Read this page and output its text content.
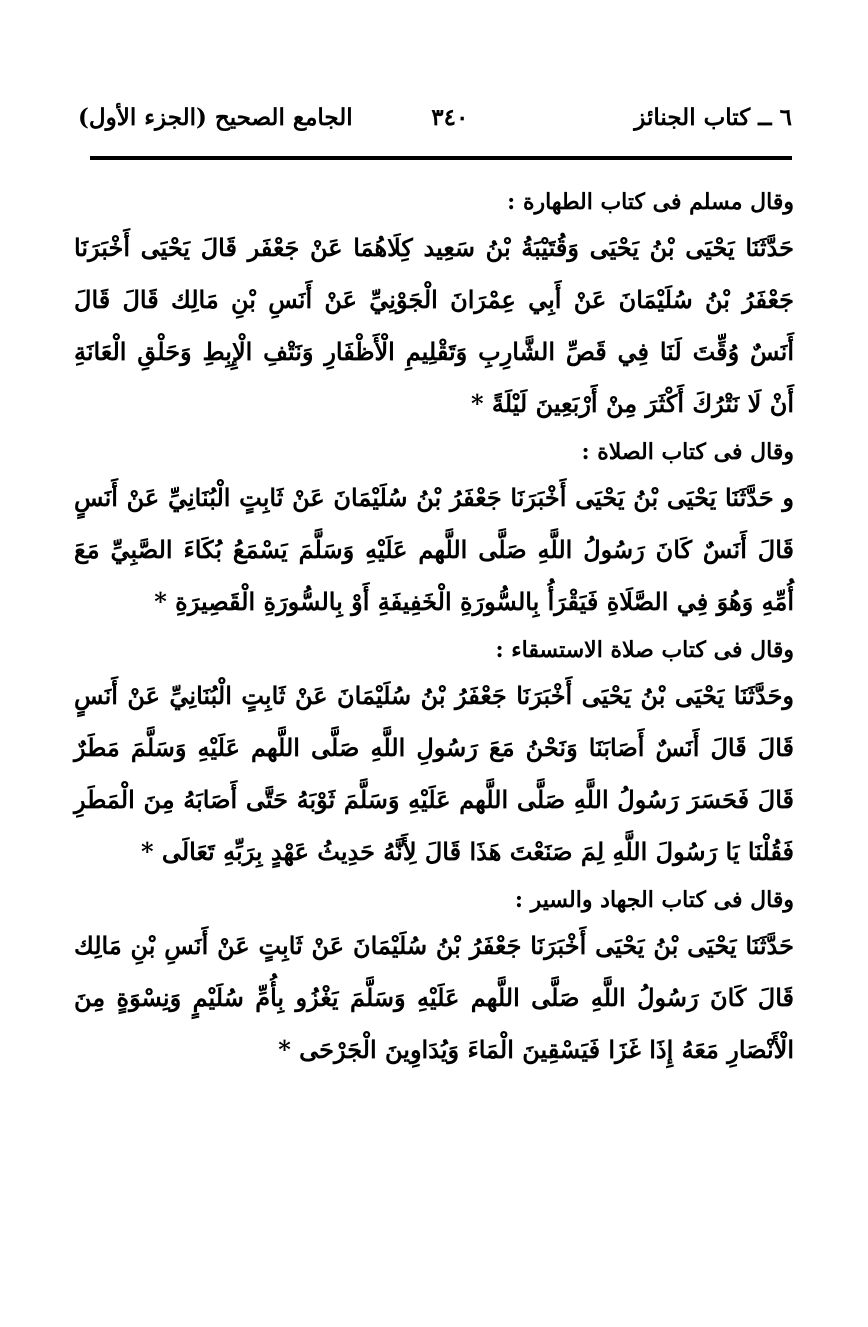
٦ ــ كتاب الجنائز
٣٤٠
الجامع الصحيح (الجزء الأول)

وقال مسلم فى كتاب الطهارة :

حَدَّثَنَا يَحْيَى بْنُ يَحْيَى وَقُتَيْبَةُ بْنُ سَعِيد كِلَاهُمَا عَنْ جَعْفَر قَالَ يَحْيَى أَخْبَرَنَا جَعْفَرُ بْنُ سُلَيْمَانَ عَنْ أَبِي عِمْرَانَ الْجَوْنِيِّ عَنْ أَنَسِ بْنِ مَالِك قَالَ قَالَ أَنَسٌ وُقِّتَ لَنَا فِي قَصِّ الشَّارِبِ وَتَقْلِيمِ الْأَظْفَارِ وَنَتْفِ الْإِبِطِ وَحَلْقِ الْعَانَةِ أَنْ لَا نَتْرُكَ أَكْثَرَ مِنْ أَرْبَعِينَ لَيْلَةً *

وقال فى كتاب الصلاة :

و حَدَّثَنَا يَحْيَى بْنُ يَحْيَى أَخْبَرَنَا جَعْفَرُ بْنُ سُلَيْمَانَ عَنْ ثَابِتٍ الْبُنَانِيِّ عَنْ أَنَسٍ قَالَ أَنَسٌ كَانَ رَسُولُ اللَّهِ صَلَّى اللَّهم عَلَيْهِ وَسَلَّمَ يَسْمَعُ بُكَاءَ الصَّبِيِّ مَعَ أُمِّهِ وَهُوَ فِي الصَّلَاةِ فَيَقْرَأُ بِالسُّورَةِ الْخَفِيفَةِ أَوْ بِالسُّورَةِ الْقَصِيرَةِ *

وقال فى كتاب صلاة الاستسقاء :

وحَدَّثَنَا يَحْيَى بْنُ يَحْيَى أَخْبَرَنَا جَعْفَرُ بْنُ سُلَيْمَانَ عَنْ ثَابِتٍ الْبُنَانِيِّ عَنْ أَنَسٍ قَالَ قَالَ أَنَسٌ أَصَابَنَا وَنَحْنُ مَعَ رَسُولِ اللَّهِ صَلَّى اللَّهم عَلَيْهِ وَسَلَّمَ مَطَرٌ قَالَ فَحَسَرَ رَسُولُ اللَّهِ صَلَّى اللَّهم عَلَيْهِ وَسَلَّمَ ثَوْبَهُ حَتَّى أَصَابَهُ مِنَ الْمَطَرِ فَقُلْنَا يَا رَسُولَ اللَّهِ لِمَ صَنَعْتَ هَذَا قَالَ لِأَنَّهُ حَدِيثُ عَهْدٍ بِرَبِّهِ تَعَالَى *

وقال فى كتاب الجهاد والسير :

حَدَّثَنَا يَحْيَى بْنُ يَحْيَى أَخْبَرَنَا جَعْفَرُ بْنُ سُلَيْمَانَ عَنْ ثَابِتٍ عَنْ أَنَسِ بْنِ مَالِك قَالَ كَانَ رَسُولُ اللَّهِ صَلَّى اللَّهم عَلَيْهِ وَسَلَّمَ يَغْزُو بِأُمِّ سُلَيْمٍ وَنِسْوَةٍ مِنَ الْأَنْصَارِ مَعَهُ إِذَا غَزَا فَيَسْقِينَ الْمَاءَ وَيُدَاوِينَ الْجَرْحَى *
